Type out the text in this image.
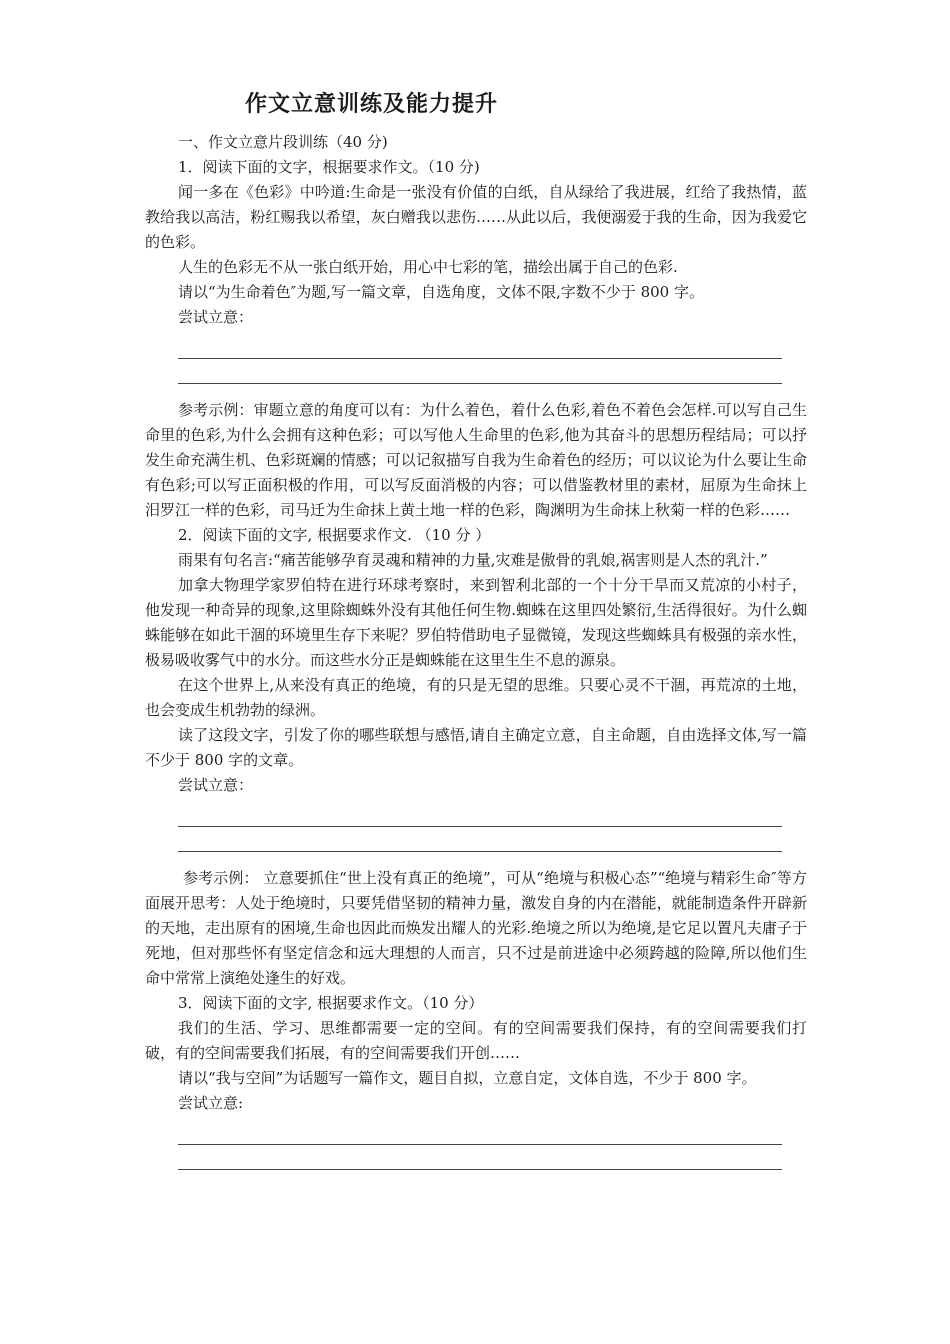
作文立意训练及能力提升

一、作文立意片段训练（40 分)

1．阅读下面的文字，根据要求作文。（10 分)

闻一多在《色彩》中吟道:生命是一张没有价值的白纸，自从绿给了我进展，红给了我热情，蓝教给我以高洁，粉红赐我以希望，灰白赠我以悲伤……从此以后，我便溺爱于我的生命，因为我爱它的色彩。

人生的色彩无不从一张白纸开始，用心中七彩的笔，描绘出属于自己的色彩.

请以“为生命着色″为题,写一篇文章，自选角度，文体不限,字数不少于 800 字。

尝试立意：

参考示例：审题立意的角度可以有：为什么着色，着什么色彩,着色不着色会怎样.可以写自己生命里的色彩,为什么会拥有这种色彩；可以写他人生命里的色彩,他为其奋斗的思想历程结局；可以抒发生命充满生机、色彩斑斓的情感；可以记叙描写自我为生命着色的经历；可以议论为什么要让生命有色彩;可以写正面积极的作用，可以写反面消极的内容；可以借鉴教材里的素材，屈原为生命抹上汨罗江一样的色彩，司马迁为生命抹上黄土地一样的色彩，陶渊明为生命抹上秋菊一样的色彩……

2．阅读下面的文字, 根据要求作文. （10 分 ）

雨果有句名言:“痛苦能够孕育灵魂和精神的力量,灾难是傲骨的乳娘,祸害则是人杰的乳汁.”

加拿大物理学家罗伯特在进行环球考察时，来到智利北部的一个十分干旱而又荒凉的小村子，他发现一种奇异的现象,这里除蜘蛛外没有其他任何生物.蜘蛛在这里四处繁衍,生活得很好。为什么蜘蛛能够在如此干涸的环境里生存下来呢？罗伯特借助电子显微镜，发现这些蜘蛛具有极强的亲水性，极易吸收雾气中的水分。而这些水分正是蜘蛛能在这里生生不息的源泉。

在这个世界上,从来没有真正的绝境，有的只是无望的思维。只要心灵不干涸，再荒凉的土地，也会变成生机勃勃的绿洲。

读了这段文字，引发了你的哪些联想与感悟,请自主确定立意，自主命题，自由选择文体,写一篇不少于 800 字的文章。

尝试立意：

参考示例： 立意要抓住“世上没有真正的绝境”，可从“绝境与积极心态”“绝境与精彩生命″等方面展开思考：人处于绝境时，只要凭借坚韧的精神力量，激发自身的内在潜能，就能制造条件开辟新的天地，走出原有的困境,生命也因此而焕发出耀人的光彩.绝境之所以为绝境,是它足以置凡夫庸子于死地，但对那些怀有坚定信念和远大理想的人而言，只不过是前进途中必须跨越的险障,所以他们生命中常常上演绝处逢生的好戏。

3．阅读下面的文字, 根据要求作文。（10 分）

我们的生活、学习、思维都需要一定的空间。有的空间需要我们保持，有的空间需要我们打破，有的空间需要我们拓展，有的空间需要我们开创……

请以“我与空间”为话题写一篇作文，题目自拟，立意自定，文体自选，不少于 800 字。

尝试立意:
